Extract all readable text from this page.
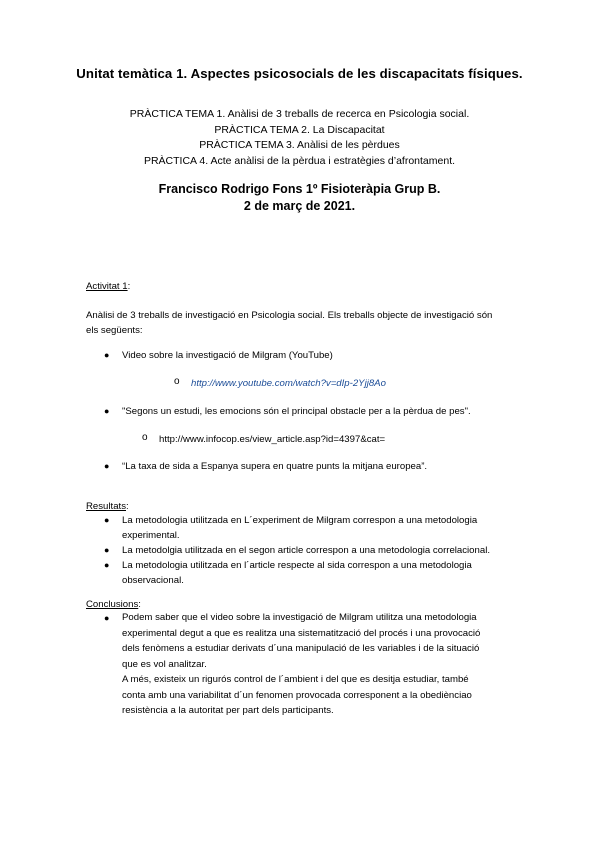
Unitat temàtica 1. Aspectes psicosocials de les discapacitats físiques.
PRÀCTICA TEMA 1. Anàlisi de 3 treballs de recerca en Psicologia social.
PRÀCTICA TEMA 2. La Discapacitat
PRÀCTICA TEMA 3. Anàlisi de les pèrdues
PRÀCTICA 4. Acte anàlisi de la pèrdua i estratègies d’afrontament.
Francisco Rodrigo Fons 1º Fisioteràpia Grup B.
2 de març de 2021.
Activitat 1:
Anàlisi de 3 treballs de investigació en Psicologia social. Els treballs objecte de investigació són
els següents:
● Video sobre la investigació de Milgram (YouTube)
o http://www.youtube.com/watch?v=dIp-2Yjj8Ao
● "Segons un estudi, les emocions són el principal obstacle per a la pèrdua de pes".
o http://www.infocop.es/view_article.asp?id=4397&cat=
● “La taxa de sida a Espanya supera en quatre punts la mitjana europea”.
Resultats:
● La metodologia utilitzada en L´experiment de Milgram correspon a una metodologia
experimental.
● La metodolgia utilitzada en el segon article correspon a una metodologia correlacional.
● La metodologia utilitzada en l´article respecte al sida correspon a una metodologia
observacional.
Conclusions:
● Podem saber que el video sobre la investigació de Milgram utilitza una metodologia
experimental degut a que es realitza una sistematització del procés i una provocació
dels fenòmens a estudiar derivats d´una manipulació de les variables i de la situació
que es vol analitzar.
A més, existeix un rigurós control de l´ambient i del que es desitja estudiar, també
conta amb una variabilitat d´un fenomen provocada corresponent a la obediènciao
resistència a la autoritat per part dels participants.
